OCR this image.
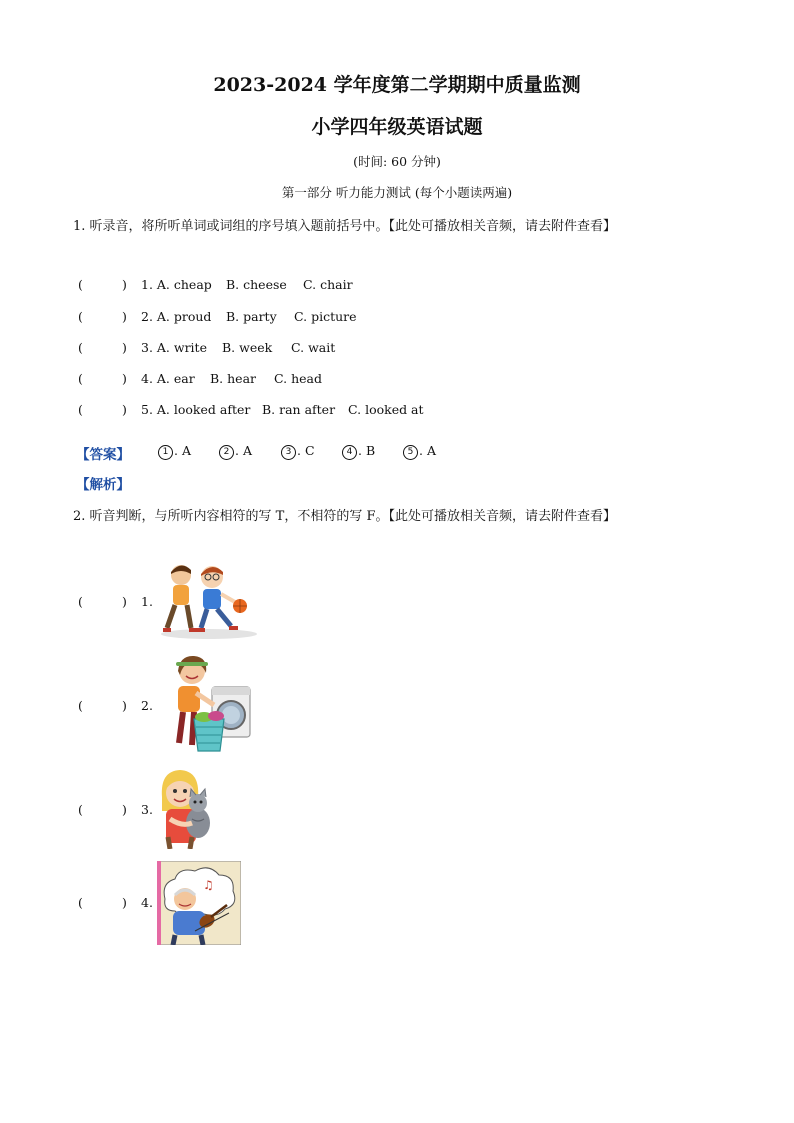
2023-2024 学年度第二学期期中质量监测
小学四年级英语试题
(时间: 60 分钟)
第一部分 听力能力测试 (每个小题读两遍)
1. 听录音，将所听单词或词组的序号填入题前括号中。【此处可播放相关音频，请去附件查看】
(	) 1. A. cheap B. cheese C. chair
(	) 2. A. proud B. party C. picture
(	) 3. A. write B. week C. wait
(	) 4. A. ear B. hear C. head
(	) 5. A. looked after B. ran after C. looked at
【答案】	1 . A	2 . A	3 . C	4 . B	5 . A
【解析】
2. 听音判断，与所听内容相符的写 T，不相符的写 F。【此处可播放相关音频，请去附件查看】
(	) 1.
(	) 2.
(	) 3.
(	) 4.
♫
